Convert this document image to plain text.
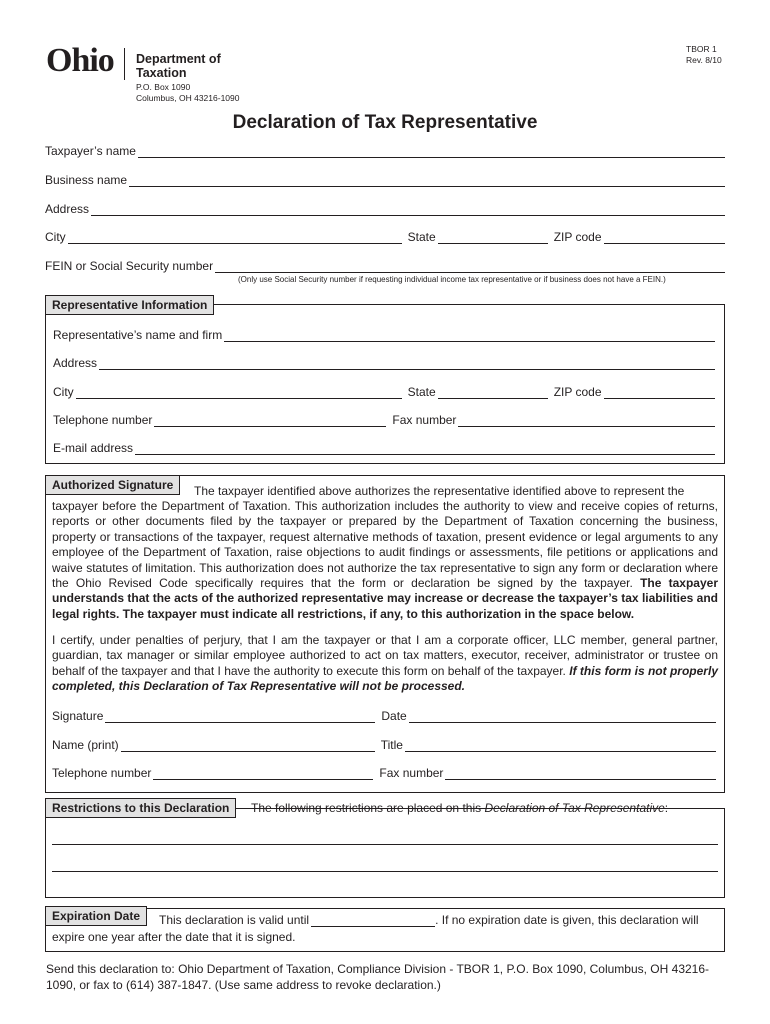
Ohio Department of
Taxation
P.O. Box 1090
Columbus, OH 43216-1090
TBOR 1
Rev. 8/10
Declaration of Tax Representative
Taxpayer’s name
Business name
Address
City	State	ZIP code
FEIN or Social Security number
(Only use Social Security number if requesting individual income tax representative or if business does not have a FEIN.)
Representative Information
Representative’s name and firm
Address
City	State	ZIP code
Telephone number	Fax number
E-mail address
Authorized Signature	The taxpayer identified above authorizes the representative identified above to represent the
taxpayer before the Department of Taxation. This authorization includes the authority to view and receive copies of returns, reports or other documents filed by the taxpayer or prepared by the Department of Taxation concerning the business, property or transactions of the taxpayer, request alternative methods of taxation, present evidence or legal arguments to any employee of the Department of Taxation, raise objections to audit findings or assessments, file petitions or applications and waive statutes of limitation. This authorization does not authorize the tax representative to sign any form or declaration where the Ohio Revised Code specifically requires that the form or declaration be signed by the taxpayer. The taxpayer understands that the acts of the authorized representative may increase or decrease the taxpayer’s tax liabilities and legal rights. The taxpayer must indicate all restrictions, if any, to this authorization in the space below.
I certify, under penalties of perjury, that I am the taxpayer or that I am a corporate officer, LLC member, general partner, guardian, tax manager or similar employee authorized to act on tax matters, executor, receiver, administrator or trustee on behalf of the taxpayer and that I have the authority to execute this form on behalf of the taxpayer. If this form is not properly completed, this Declaration of Tax Representative will not be processed.
Signature	Date
Name (print)	Title
Telephone number	Fax number
Restrictions to this Declaration	The following restrictions are placed on this Declaration of Tax Representative:
Expiration Date	This declaration is valid until	. If no expiration date is given, this declaration will
expire one year after the date that it is signed.
Send this declaration to: Ohio Department of Taxation, Compliance Division - TBOR 1, P.O. Box 1090, Columbus, OH 43216-
1090, or fax to (614) 387-1847. (Use same address to revoke declaration.)
